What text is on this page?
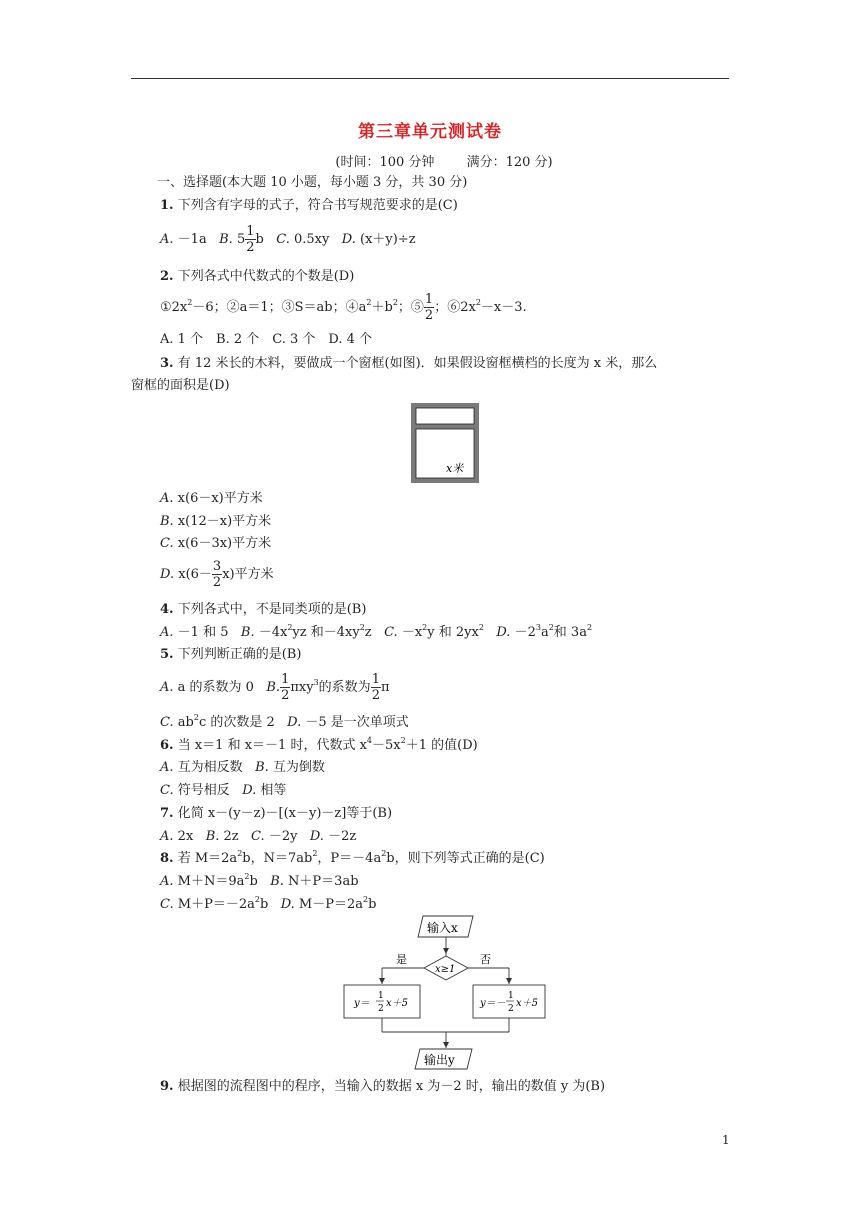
第三章单元测试卷
(时间：100 分钟 满分：120 分)
一、选择题(本大题 10 小题，每小题 3 分，共 30 分)
1. 下列含有字母的式子，符合书写规范要求的是(C)
A. －1a B. $5 \frac{1}{2}$ b C. 0.5xy D. (x＋y)÷z
2. 下列各式中代数式的个数是(D)
$①2x^2-6$；②a＝1；③S＝ab；$④a^2+b^2$；⑤ $\frac{1}{2}$ ；$⑥2x^2-x-3$.
A. 1 个　B. 2 个　C. 3 个　D. 4 个
3. 有 12 米长的木料，要做成一个窗框(如图)．如果假设窗框横档的长度为 x 米，那么
窗框的面积是(D)
x米
A. x(6－x)平方米
B. x(12－x)平方米
C. x(6－3x)平方米
D. $x(6- \frac{3}{2} x)$平方米
4. 下列各式中，不是同类项的是(B)
A. －1 和 5 B. $-4x^2yz$ 和$-4xy^2z$ C. $-x^2y$ 和 $2yx^2$ D. $-2^3a^2$和 $3a^2$
5. 下列判断正确的是(B)
A. a 的系数为 0 B. $\frac{1}{2} \pi xy^3$的系数为 $\frac{1}{2}$ π
C. $ab^2c$ 的次数是 2 D. －5 是一次单项式
6. 当 x＝1 和 x＝－1 时，代数式 $x^4-5x^2+1$ 的值(D)
A. 互为相反数 B. 互为倒数
C. 符号相反 D. 相等
7. 化简 x－(y－z)－[(x－y)－z]等于(B)
A. 2x B. 2z C. －2y D. －2z
8. 若 $M=2a^2b$，$N=7ab^2$，$P=-4a^2b$，则下列等式正确的是(C)
A. $M+N=9a^2b$ B. N＋P＝3ab
C. $M+P=-2a^2b$ D. $M-P=2a^2b$
输入x
x≥1
是	否
y＝
1
2 x＋5	y＝－
1
2 x＋5
输出y
9. 根据图的流程图中的程序，当输入的数据 x 为－2 时，输出的数值 y 为(B)
1
